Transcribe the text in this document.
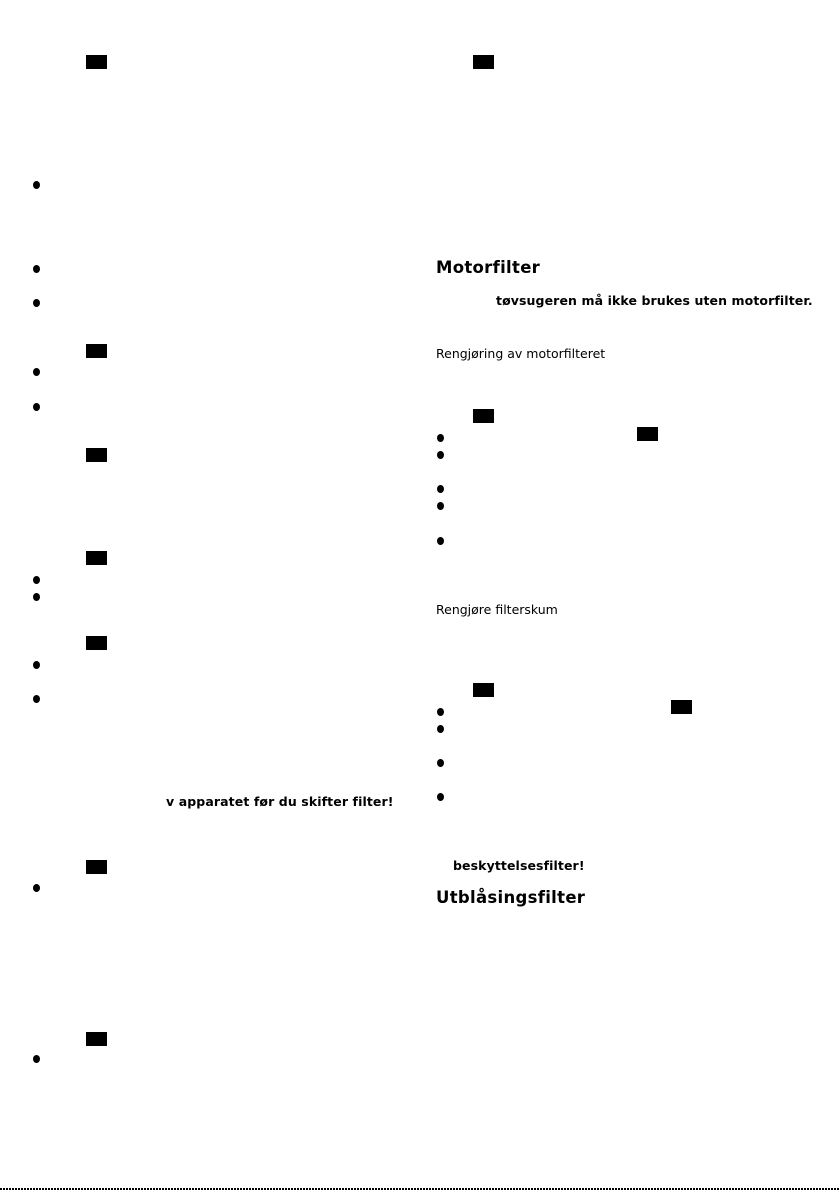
v apparatet før du skifter filter!
Motorfilter
tøvsugeren må ikke brukes uten motorfilter.
Rengjøring av motorfilteret
Rengjøre filterskum
beskyttelsesfilter!
Utblåsingsfilter
